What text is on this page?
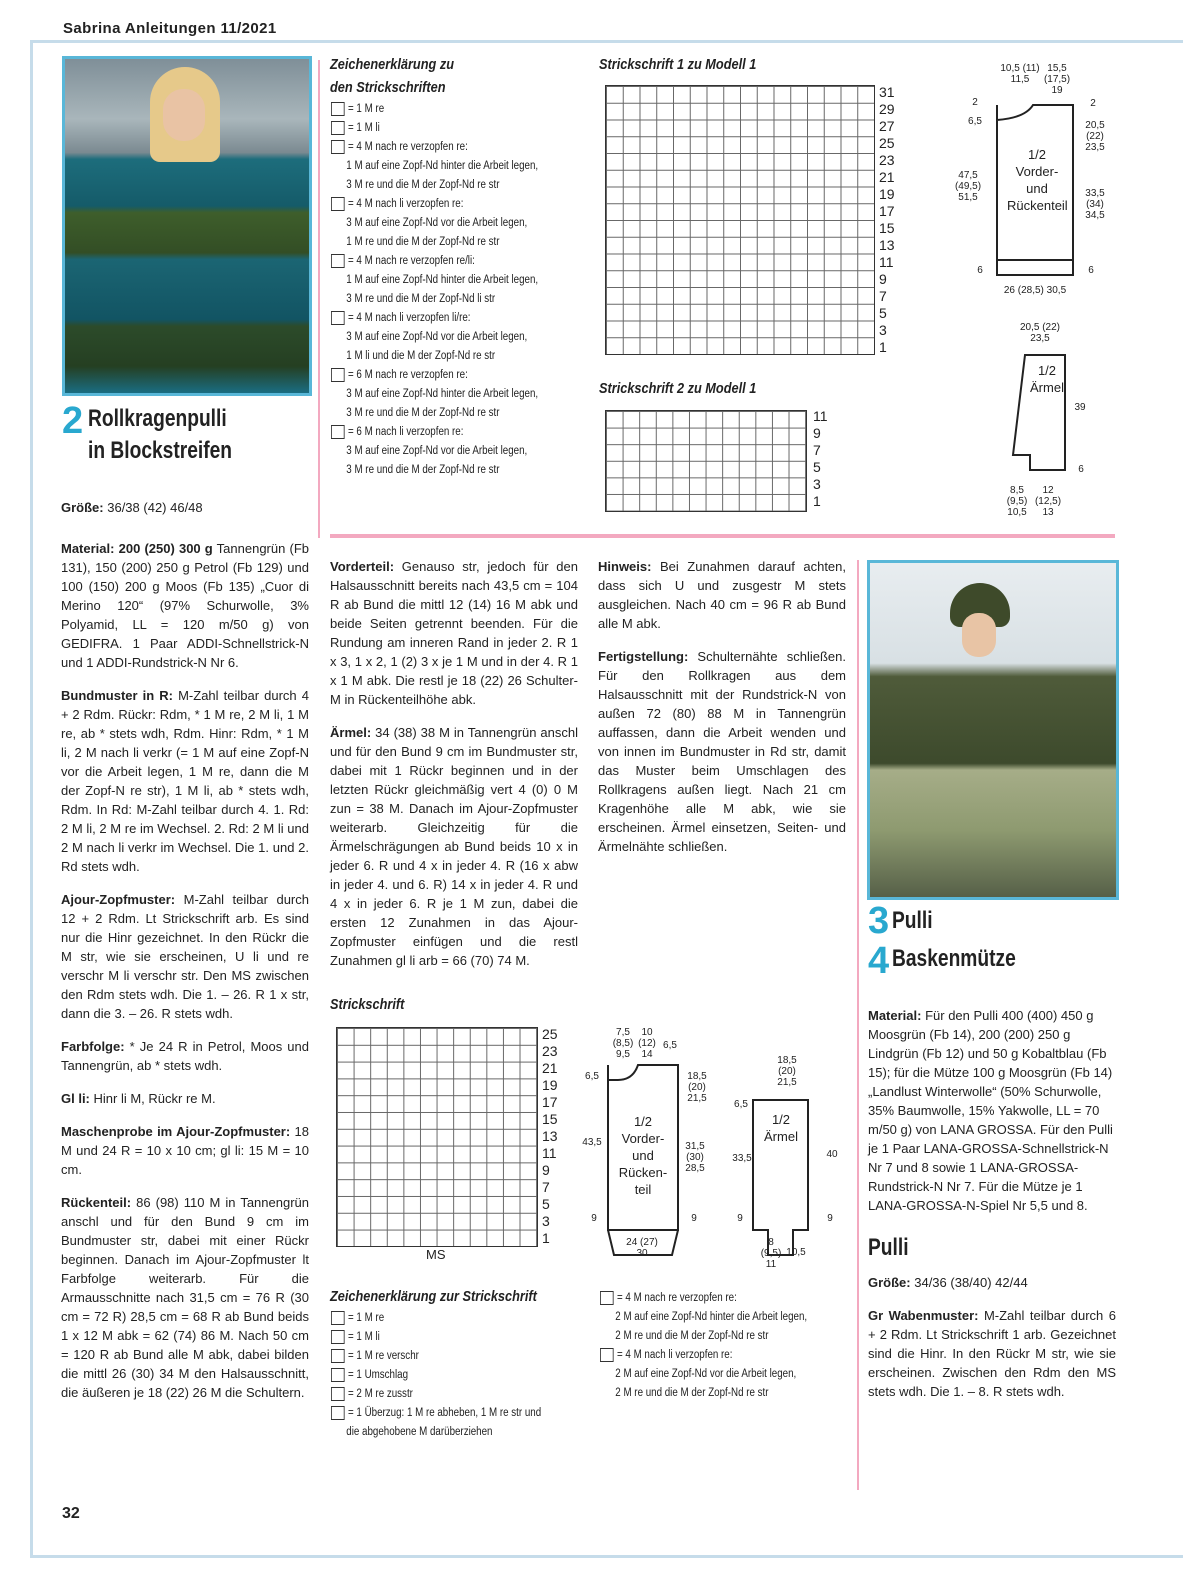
Sabrina Anleitungen 11/2021
2 Rollkragenpulli
in Blockstreifen

Größe: 36/38 (42) 46/48

Material: 200 (250) 300 g Tannengrün (Fb 131), 150 (200) 250 g Petrol (Fb 129) und 100 (150) 200 g Moos (Fb 135) „Cuor di Merino 120“ (97% Schurwolle, 3% Polyamid, LL = 120 m/50 g) von GEDIFRA. 1 Paar ADDI-Schnellstrick-N und 1 ADDI-Rundstrick-N Nr 6.

Bundmuster in R: M-Zahl teilbar durch 4 + 2 Rdm. Rückr: Rdm, * 1 M re, 2 M li, 1 M re, ab * stets wdh, Rdm. Hinr: Rdm, * 1 M li, 2 M nach li verkr (= 1 M auf eine Zopf-N vor die Arbeit legen, 1 M re, dann die M der Zopf-N re str), 1 M li, ab * stets wdh, Rdm. In Rd: M-Zahl teilbar durch 4. 1. Rd: 2 M li, 2 M re im Wechsel. 2. Rd: 2 M li und 2 M nach li verkr im Wechsel. Die 1. und 2. Rd stets wdh.

Ajour-Zopfmuster: M-Zahl teilbar durch 12 + 2 Rdm. Lt Strickschrift arb. Es sind nur die Hinr gezeichnet. In den Rückr die M str, wie sie erscheinen, U li und re verschr M li verschr str. Den MS zwischen den Rdm stets wdh. Die 1. – 26. R 1 x str, dann die 3. – 26. R stets wdh.

Farbfolge: * Je 24 R in Petrol, Moos und Tannengrün, ab * stets wdh.

Gl li: Hinr li M, Rückr re M.

Maschenprobe im Ajour-Zopfmuster: 18 M und 24 R = 10 x 10 cm; gl li: 15 M = 10 cm.

Rückenteil: 86 (98) 110 M in Tannengrün anschl und für den Bund 9 cm im Bundmuster str, dabei mit einer Rückr beginnen. Danach im Ajour-Zopfmuster lt Farbfolge weiterarb. Für die Armausschnitte nach 31,5 cm = 76 R (30 cm = 72 R) 28,5 cm = 68 R ab Bund beids 1 x 12 M abk = 62 (74) 86 M. Nach 50 cm = 120 R ab Bund alle M abk, dabei bilden die mittl 26 (30) 34 M den Halsausschnitt, die äußeren je 18 (22) 26 M die Schultern.

Zeichenerklärung zu
den Strickschriften
= 1 M re
= 1 M li
= 4 M nach re verzopfen re:
1 M auf eine Zopf-Nd hinter die Arbeit legen,
3 M re und die M der Zopf-Nd re str
= 4 M nach li verzopfen re:
3 M auf eine Zopf-Nd vor die Arbeit legen,
1 M re und die M der Zopf-Nd re str
= 4 M nach re verzopfen re/li:
1 M auf eine Zopf-Nd hinter die Arbeit legen,
3 M re und die M der Zopf-Nd li str
= 4 M nach li verzopfen li/re:
3 M auf eine Zopf-Nd vor die Arbeit legen,
1 M li und die M der Zopf-Nd re str
= 6 M nach re verzopfen re:
3 M auf eine Zopf-Nd hinter die Arbeit legen,
3 M re und die M der Zopf-Nd re str
= 6 M nach li verzopfen re:
3 M auf eine Zopf-Nd vor die Arbeit legen,
3 M re und die M der Zopf-Nd re str
Strickschrift 1 zu Modell 1
31
29
27
25
23
21
19
17
15
13
11
9
7
5
3
1
Strickschrift 2 zu Modell 1
11
9
7
5
3
1
10,5 (11) 11,5
15,5 (17,5) 19
2
6,5
2
20,5 (22) 23,5
1/2 Vorder- und Rückenteil
47,5 (49,5) 51,5	33,5 (34) 34,5
6	6
26 (28,5) 30,5
20,5 (22) 23,5
1/2 Ärmel
39
6
8,5 (9,5) 10,5
12 (12,5) 13

Vorderteil: Genauso str, jedoch für den Halsausschnitt bereits nach 43,5 cm = 104 R ab Bund die mittl 12 (14) 16 M abk und beide Seiten getrennt beenden. Für die Rundung am inneren Rand in jeder 2. R 1 x 3, 1 x 2, 1 (2) 3 x je 1 M und in der 4. R 1 x 1 M abk. Die restl je 18 (22) 26 Schulter-M in Rückenteilhöhe abk.

Ärmel: 34 (38) 38 M in Tannengrün anschl und für den Bund 9 cm im Bundmuster str, dabei mit 1 Rückr beginnen und in der letzten Rückr gleichmäßig vert 4 (0) 0 M zun = 38 M. Danach im Ajour-Zopfmuster weiterarb. Gleichzeitig für die Ärmelschrägungen ab Bund beids 10 x in jeder 6. R und 4 x in jeder 4. R (16 x abw in jeder 4. und 6. R) 14 x in jeder 4. R und 4 x in jeder 6. R je 1 M zun, dabei die ersten 12 Zunahmen in das Ajour-Zopfmuster einfügen und die restl Zunahmen gl li arb = 66 (70) 74 M.

Hinweis: Bei Zunahmen darauf achten, dass sich U und zusgestr M stets ausgleichen. Nach 40 cm = 96 R ab Bund alle M abk.

Fertigstellung: Schulternähte schließen. Für den Rollkragen aus dem Halsausschnitt mit der Rundstrick-N von außen 72 (80) 88 M in Tannengrün auffassen, dann die Arbeit wenden und von innen im Bundmuster in Rd str, damit das Muster beim Umschlagen des Rollkragens außen liegt. Nach 21 cm Kragenhöhe alle M abk, wie sie erscheinen. Ärmel einsetzen, Seiten- und Ärmelnähte schließen.

Strickschrift
25
23
21
19
17
15
13
11
9
7
5
3
1
MS
7,5 (8,5) 9,5
10 (12) 14
6,5
6,5	18,5 (20) 21,5
1/2 Vorder- und Rücken- teil
43,5	31,5 (30) 28,5
9	9
24 (27) 30
18,5 (20) 21,5
6,5
1/2 Ärmel
33,5	40
9	9
8 (9,5) 11
10,5
Zeichenerklärung zur Strickschrift
= 1 M re
= 1 M li
= 1 M re verschr
= 1 Umschlag
= 2 M re zusstr
= 1 Überzug: 1 M re abheben, 1 M re str und
die abgehobene M darüberziehen
= 4 M nach re verzopfen re:
2 M auf eine Zopf-Nd hinter die Arbeit legen,
2 M re und die M der Zopf-Nd re str
= 4 M nach li verzopfen re:
2 M auf eine Zopf-Nd vor die Arbeit legen,
2 M re und die M der Zopf-Nd re str
3 Pulli
4 Baskenmütze

Material: Für den Pulli 400 (400) 450 g Moosgrün (Fb 14), 200 (200) 250 g Lindgrün (Fb 12) und 50 g Kobaltblau (Fb 15); für die Mütze 100 g Moosgrün (Fb 14) „Landlust Winterwolle“ (50% Schurwolle, 35% Baumwolle, 15% Yakwolle, LL = 70 m/50 g) von LANA GROSSA. Für den Pulli je 1 Paar LANA-GROSSA-Schnellstrick-N Nr 7 und 8 sowie 1 LANA-GROSSA-Rundstrick-N Nr 7. Für die Mütze je 1 LANA-GROSSA-N-Spiel Nr 5,5 und 8.

Pulli

Größe: 34/36 (38/40) 42/44

Gr Wabenmuster: M-Zahl teilbar durch 6 + 2 Rdm. Lt Strickschrift 1 arb. Gezeichnet sind die Hinr. In den Rückr M str, wie sie erscheinen. Zwischen den Rdm den MS stets wdh. Die 1. – 8. R stets wdh.

32
